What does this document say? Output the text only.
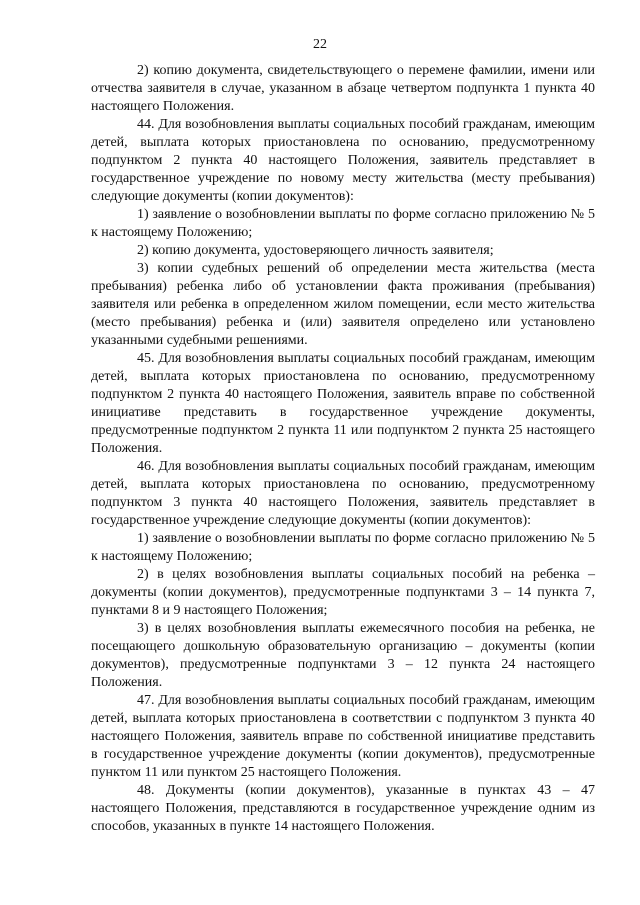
22

2) копию документа, свидетельствующего о перемене фамилии, имени или отчества заявителя в случае, указанном в абзаце четвертом подпункта 1 пункта 40 настоящего Положения.

44. Для возобновления выплаты социальных пособий гражданам, имеющим детей, выплата которых приостановлена по основанию, предусмотренному подпунктом 2 пункта 40 настоящего Положения, заявитель представляет в государственное учреждение по новому месту жительства (месту пребывания) следующие документы (копии документов):

1) заявление о возобновлении выплаты по форме согласно приложению № 5 к настоящему Положению;

2) копию документа, удостоверяющего личность заявителя;

3) копии судебных решений об определении места жительства (места пребывания) ребенка либо об установлении факта проживания (пребывания) заявителя или ребенка в определенном жилом помещении, если место жительства (место пребывания) ребенка и (или) заявителя определено или установлено указанными судебными решениями.

45. Для возобновления выплаты социальных пособий гражданам, имеющим детей, выплата которых приостановлена по основанию, предусмотренному подпунктом 2 пункта 40 настоящего Положения, заявитель вправе по собственной инициативе представить в государственное учреждение документы, предусмотренные подпунктом 2 пункта 11 или подпунктом 2 пункта 25 настоящего Положения.

46. Для возобновления выплаты социальных пособий гражданам, имеющим детей, выплата которых приостановлена по основанию, предусмотренному подпунктом 3 пункта 40 настоящего Положения, заявитель представляет в государственное учреждение следующие документы (копии документов):

1) заявление о возобновлении выплаты по форме согласно приложению № 5 к настоящему Положению;

2) в целях возобновления выплаты социальных пособий на ребенка – документы (копии документов), предусмотренные подпунктами 3 – 14 пункта 7, пунктами 8 и 9 настоящего Положения;

3) в целях возобновления выплаты ежемесячного пособия на ребенка, не посещающего дошкольную образовательную организацию – документы (копии документов), предусмотренные подпунктами 3 – 12 пункта 24 настоящего Положения.

47. Для возобновления выплаты социальных пособий гражданам, имеющим детей, выплата которых приостановлена в соответствии с подпунктом 3 пункта 40 настоящего Положения, заявитель вправе по собственной инициативе представить в государственное учреждение документы (копии документов), предусмотренные пунктом 11 или пунктом 25 настоящего Положения.

48. Документы (копии документов), указанные в пунктах 43 – 47 настоящего Положения, представляются в государственное учреждение одним из способов, указанных в пункте 14 настоящего Положения.
